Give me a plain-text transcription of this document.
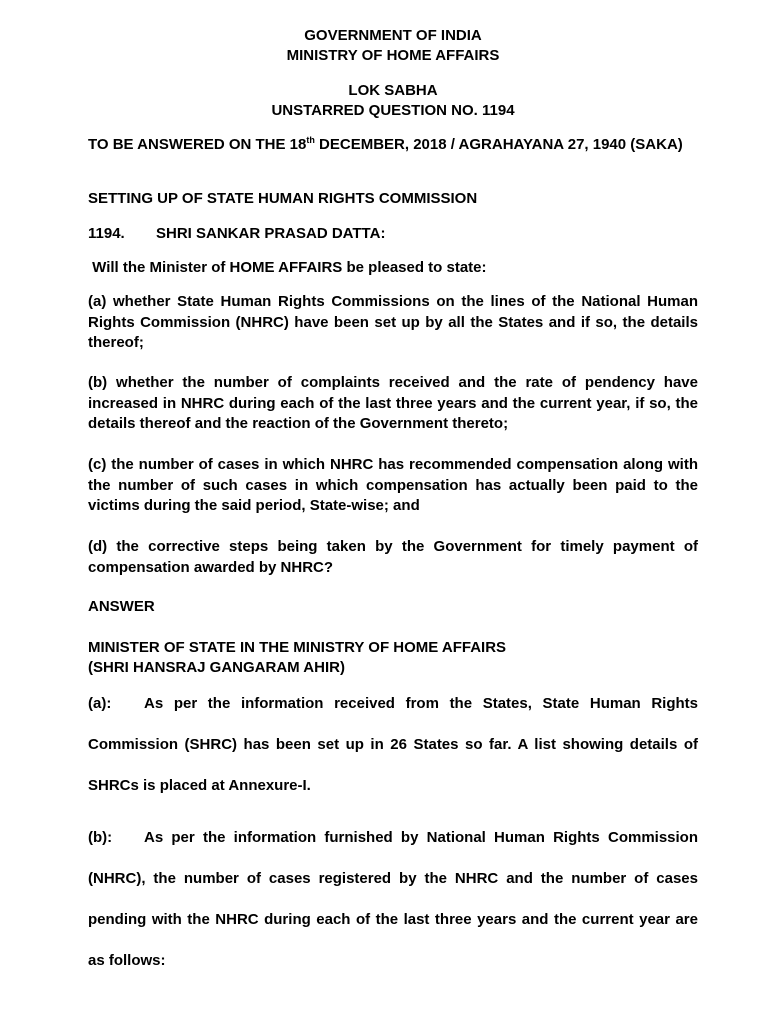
GOVERNMENT OF INDIA
MINISTRY OF HOME AFFAIRS
LOK SABHA
UNSTARRED QUESTION NO. 1194
TO BE ANSWERED ON THE 18th DECEMBER, 2018 / AGRAHAYANA 27, 1940 (SAKA)
SETTING UP OF STATE HUMAN RIGHTS COMMISSION
1194. SHRI SANKAR PRASAD DATTA:
Will the Minister of HOME AFFAIRS be pleased to state:
(a) whether State Human Rights Commissions on the lines of the National Human Rights Commission (NHRC) have been set up by all the States and if so, the details thereof;
(b) whether the number of complaints received and the rate of pendency have increased in NHRC during each of the last three years and the current year, if so, the details thereof and the reaction of the Government thereto;
(c) the number of cases in which NHRC has recommended compensation along with the number of such cases in which compensation has actually been paid to the victims during the said period, State-wise; and
(d) the corrective steps being taken by the Government for timely payment of compensation awarded by NHRC?
ANSWER
MINISTER OF STATE IN THE MINISTRY OF HOME AFFAIRS
(SHRI HANSRAJ GANGARAM AHIR)
(a): As per the information received from the States, State Human Rights Commission (SHRC) has been set up in 26 States so far. A list showing details of SHRCs is placed at Annexure-I.
(b): As per the information furnished by National Human Rights Commission (NHRC), the number of cases registered by the NHRC and the number of cases pending with the NHRC during each of the last three years and the current year are as follows:
